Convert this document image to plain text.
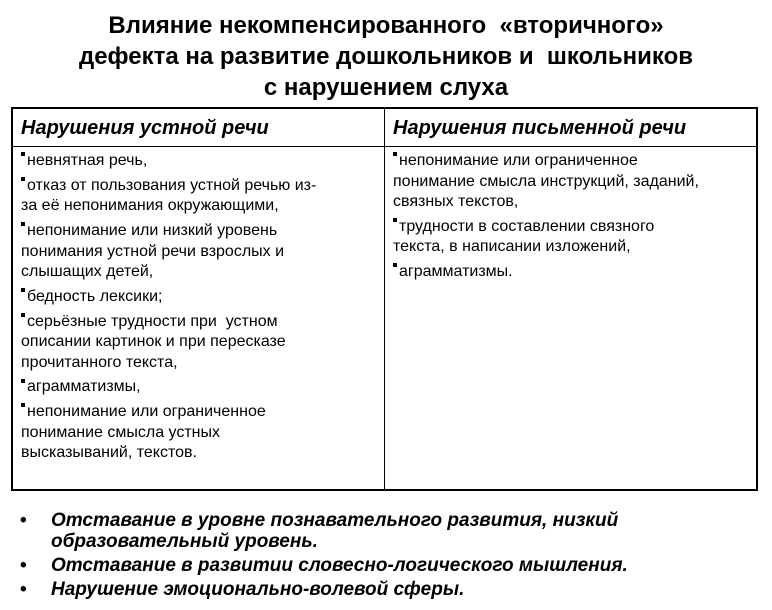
Влияние некомпенсированного  «вторичного»
дефекта на развитие дошкольников и  школьников
с нарушением слуха
Нарушения устной речи	Нарушения письменной речи
невнятная речь,
отказ от пользования устной речью из-
за её непонимания окружающими,
непонимание или низкий уровень
понимания устной речи взрослых и
слышащих детей,
бедность лексики;
серьёзные трудности при  устном
описании картинок и при пересказе
прочитанного текста,
аграмматизмы,
непонимание или ограниченное
понимание смысла устных
высказываний, текстов.
непонимание или ограниченное
понимание смысла инструкций, заданий,
связных текстов,
трудности в составлении связного
текста, в написании изложений,
аграмматизмы.
• Отставание в уровне познавательного развития, низкий
образовательный уровень.
• Отставание в развитии словесно-логического мышления.
• Нарушение эмоционально-волевой сферы.
